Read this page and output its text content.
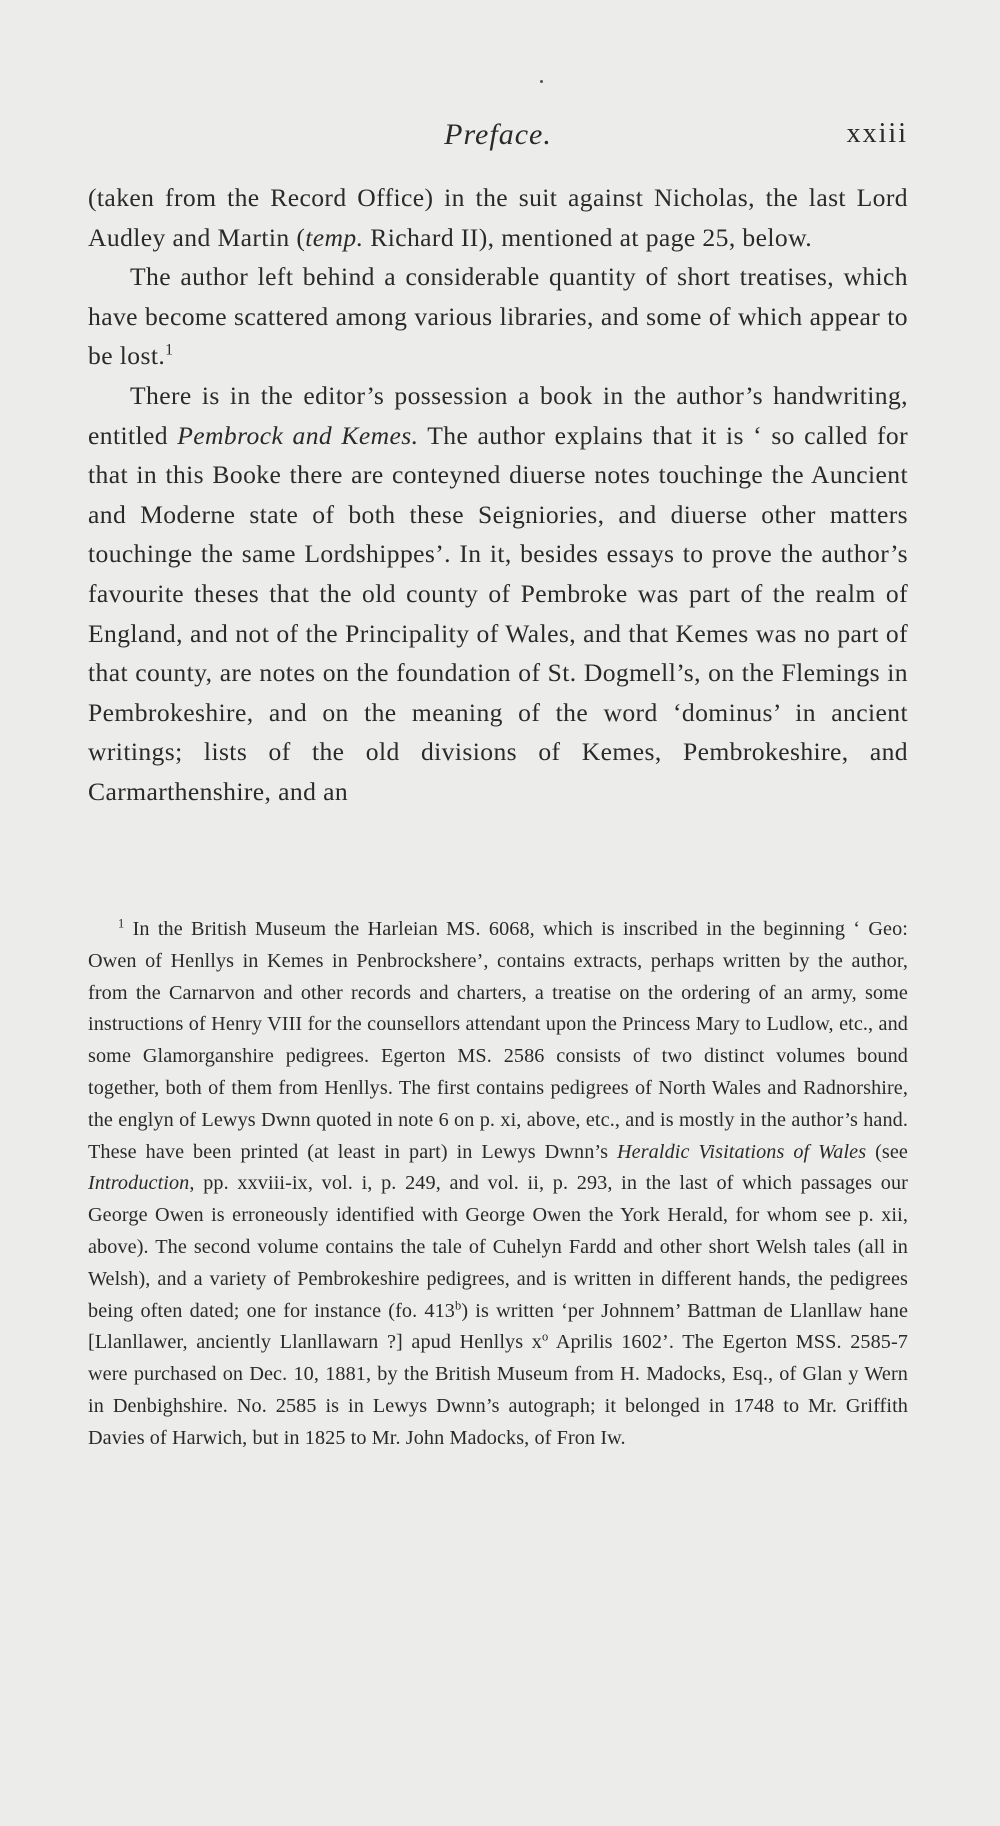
Preface.	xxiii

(taken from the Record Office) in the suit against Nicholas, the last Lord Audley and Martin (temp. Richard II), mentioned at page 25, below.

The author left behind a considerable quantity of short treatises, which have become scattered among various libraries, and some of which appear to be lost.$^1$

There is in the editor’s possession a book in the author’s handwriting, entitled Pembrock and Kemes. The author explains that it is ‘ so called for that in this Booke there are conteyned diuerse notes touchinge the Auncient and Moderne state of both these Seigniories, and diuerse other matters touchinge the same Lordshippes’. In it, besides essays to prove the author’s favourite theses that the old county of Pembroke was part of the realm of England, and not of the Principality of Wales, and that Kemes was no part of that county, are notes on the foundation of St. Dogmell’s, on the Flemings in Pembrokeshire, and on the meaning of the word ‘dominus’ in ancient writings; lists of the old divisions of Kemes, Pembrokeshire, and Carmarthenshire, and an

$^1$ In the British Museum the Harleian MS. 6068, which is inscribed in the beginning ‘ Geo: Owen of Henllys in Kemes in Penbrockshere’, contains extracts, perhaps written by the author, from the Carnarvon and other records and charters, a treatise on the ordering of an army, some instructions of Henry VIII for the counsellors attendant upon the Princess Mary to Ludlow, etc., and some Glamorganshire pedigrees. Egerton MS. 2586 consists of two distinct volumes bound together, both of them from Henllys. The first contains pedigrees of North Wales and Radnorshire, the englyn of Lewys Dwnn quoted in note 6 on p. xi, above, etc., and is mostly in the author’s hand. These have been printed (at least in part) in Lewys Dwnn’s Heraldic Visitations of Wales (see Introduction, pp. xxviii-ix, vol. i, p. 249, and vol. ii, p. 293, in the last of which passages our George Owen is erroneously identified with George Owen the York Herald, for whom see p. xii, above). The second volume contains the tale of Cuhelyn Fardd and other short Welsh tales (all in Welsh), and a variety of Pembrokeshire pedigrees, and is written in different hands, the pedigrees being often dated; one for instance (fo. 413$^b$) is written ‘per Johnnem’ Battman de Llanllaw hane [Llanllawer, anciently Llanllawarn ?] apud Henllys $x^o$ Aprilis 1602’. The Egerton MSS. 2585-7 were purchased on Dec. 10, 1881, by the British Museum from H. Madocks, Esq., of Glan y Wern in Denbighshire. No. 2585 is in Lewys Dwnn’s autograph; it belonged in 1748 to Mr. Griffith Davies of Harwich, but in 1825 to Mr. John Madocks, of Fron Iw.
